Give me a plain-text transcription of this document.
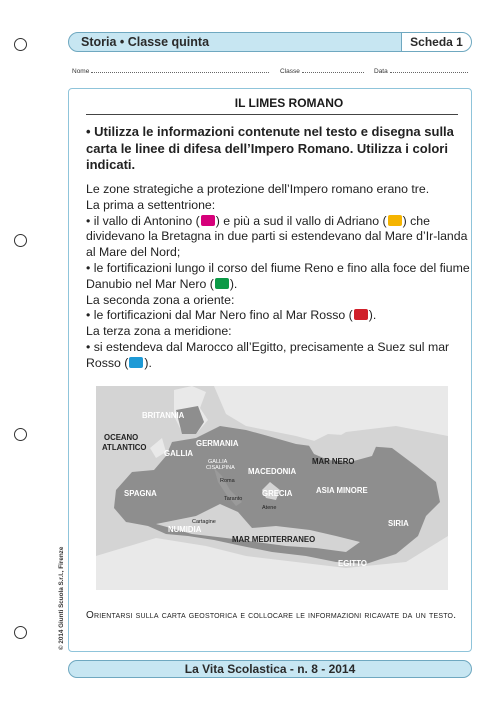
Storia • Classe quinta	Scheda 1
Nome	Classe	Data
IL LIMES ROMANO
• Utilizza le informazioni contenute nel testo e disegna sulla carta le linee di difesa dell’Impero Romano. Utilizza i colori indicati.

Le zone strategiche a protezione dell’Impero romano erano tre.

La prima a settentrione:

• il vallo di Antonino ( ) e più a sud il vallo di Adriano ( ) che dividevano la Bretagna in due parti si estendevano dal Mare d’Ir-landa al Mare del Nord;

• le fortificazioni lungo il corso del fiume Reno e fino alla foce del fiume Danubio nel Mar Nero ( ).

La seconda zona a oriente:

• le fortificazioni dal Mar Nero fino al Mar Rosso ( ).

La terza zona a meridione:

• si estendeva dal Marocco all’Egitto, precisamente a Suez sul mar Rosso ( ).

BRITANNIA
OCEANO
ATLANTICO	GERMANIA
GALLIA
GALLIA
CISALPINA
Roma
MACEDONIA
MAR NERO
SPAGNA
Taranto
GRECIA	ASIA MINORE
Atene
Cartagine
NUMIDIA
SIRIA
MAR MEDITERRANEO
EGITTO
Orientarsi sulla carta geostorica e collocare le informazioni ricavate da un testo.
© 2014 Giunti Scuola S.r.l., Firenze
La Vita Scolastica - n. 8 - 2014
